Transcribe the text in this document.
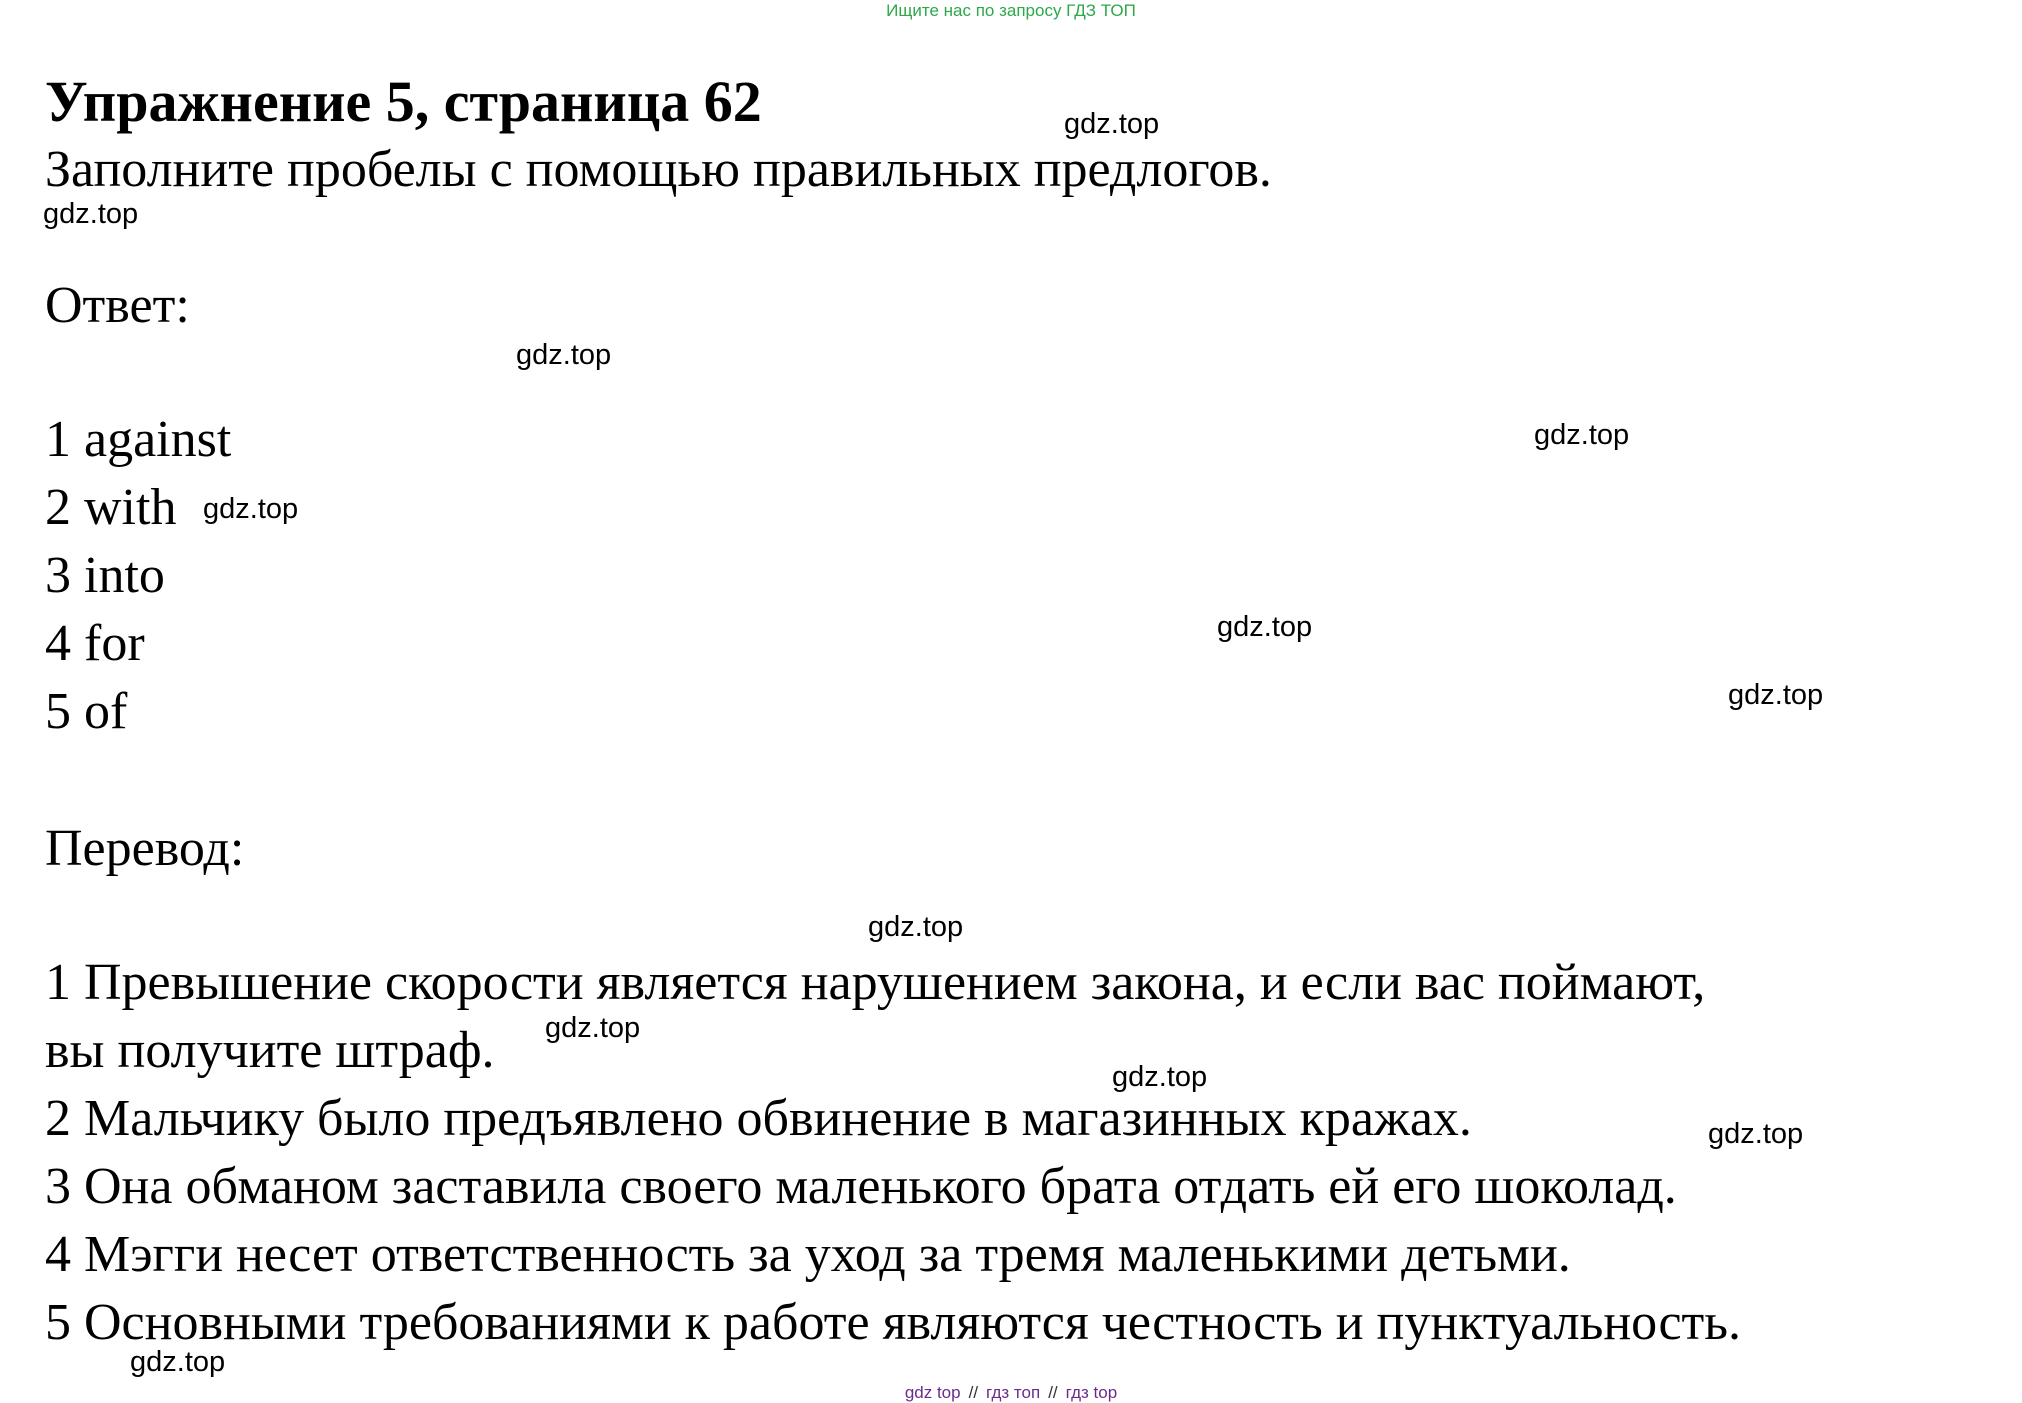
Ищите нас по запросу ГДЗ ТОП
Упражнение 5, страница 62
Заполните пробелы с помощью правильных предлогов.
Ответ:
1 against
2 with
3 into
4 for
5 of
Перевод:
1 Превышение скорости является нарушением закона, и если вас поймают,
вы получите штраф.
2 Мальчику было предъявлено обвинение в магазинных кражах.
3 Она обманом заставила своего маленького брата отдать ей его шоколад.
4 Мэгги несет ответственность за уход за тремя маленькими детьми.
5 Основными требованиями к работе являются честность и пунктуальность.
gdz.top
gdz.top
gdz.top
gdz.top
gdz.top
gdz.top
gdz.top
gdz.top
gdz.top
gdz.top
gdz.top
gdz.top
gdz top // гдз топ // гдз top
